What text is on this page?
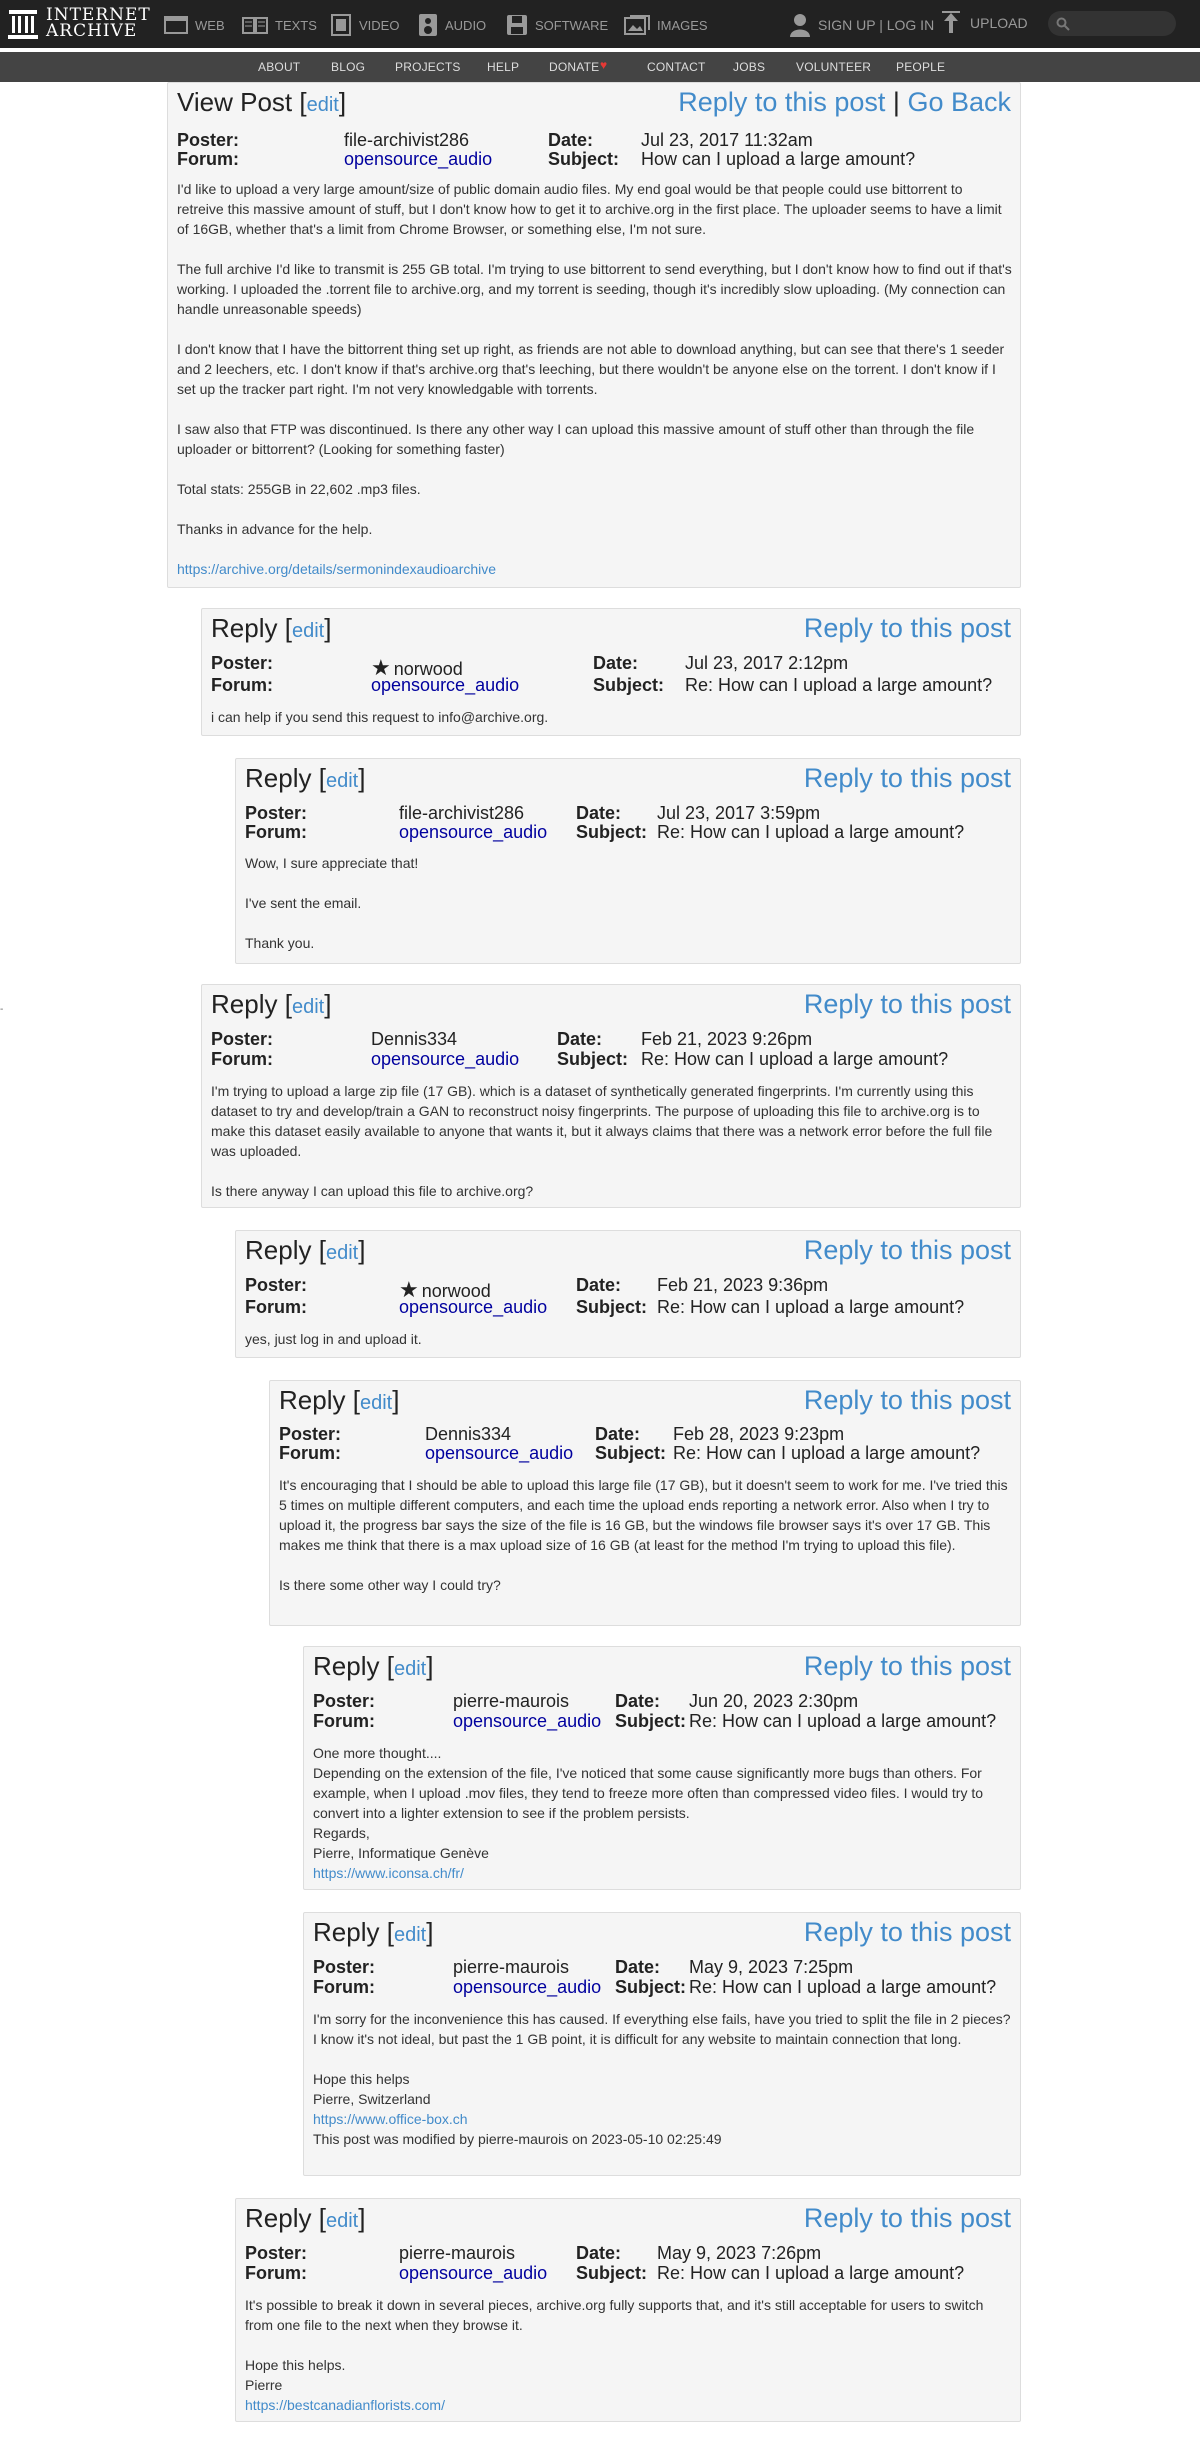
INTERNET
ARCHIVE	WEB	TEXTS	VIDEO	AUDIO	SOFTWARE	IMAGES	SIGN UP | LOG IN	UPLOAD
ABOUT	BLOG PROJECTS HELP DONATE ♥	CONTACT JOBS	VOLUNTEER PEOPLE
-
View Post [edit]	Reply to this post | Go Back
Poster:	file-archivist286	Date:	Jul 23, 2017 11:32am
Forum:	opensource_audio	Subject: How can I upload a large amount?

I'd like to upload a very large amount/size of public domain audio files. My end goal would be that people could use bittorrent to retreive this massive amount of stuff, but I don't know how to get it to archive.org in the first place. The uploader seems to have a limit of 16GB, whether that's a limit from Chrome Browser, or something else, I'm not sure.

The full archive I'd like to transmit is 255 GB total. I'm trying to use bittorrent to send everything, but I don't know how to find out if that's working. I uploaded the .torrent file to archive.org, and my torrent is seeding, though it's incredibly slow uploading. (My connection can handle unreasonable speeds)

I don't know that I have the bittorrent thing set up right, as friends are not able to download anything, but can see that there's 1 seeder and 2 leechers, etc. I don't know if that's archive.org that's leeching, but there wouldn't be anyone else on the torrent. I don't know if I set up the tracker part right. I'm not very knowledgable with torrents.

I saw also that FTP was discontinued. Is there any other way I can upload this massive amount of stuff other than through the file uploader or bittorrent? (Looking for something faster)

Total stats: 255GB in 22,602 .mp3 files.

Thanks in advance for the help.

https://archive.org/details/sermonindexaudioarchive

Reply [edit]	Reply to this post
Poster:	★ norwood	Date:	Jul 23, 2017 2:12pm
Forum:	opensource_audio	Subject: Re: How can I upload a large amount?

i can help if you send this request to info@archive.org.

Reply [edit]	Reply to this post
Poster:	file-archivist286	Date: Jul 23, 2017 3:59pm
Forum:	opensource_audio Subject: Re: How can I upload a large amount?

Wow, I sure appreciate that!

I've sent the email.

Thank you.

Reply [edit]	Reply to this post
Poster:	Dennis334	Date: Feb 21, 2023 9:26pm
Forum:	opensource_audio Subject: Re: How can I upload a large amount?

I'm trying to upload a large zip file (17 GB). which is a dataset of synthetically generated fingerprints. I'm currently using this dataset to try and develop/train a GAN to reconstruct noisy fingerprints. The purpose of uploading this file to archive.org is to make this dataset easily available to anyone that wants it, but it always claims that there was a network error before the full file was uploaded.

Is there anyway I can upload this file to archive.org?

Reply [edit]	Reply to this post
Poster:	★ norwood	Date: Feb 21, 2023 9:36pm
Forum:	opensource_audio Subject: Re: How can I upload a large amount?

yes, just log in and upload it.

Reply [edit]	Reply to this post
Poster:	Dennis334	Date: Feb 28, 2023 9:23pm
Forum:	opensource_audio Subject: Re: How can I upload a large amount?

It's encouraging that I should be able to upload this large file (17 GB), but it doesn't seem to work for me. I've tried this 5 times on multiple different computers, and each time the upload ends reporting a network error. Also when I try to upload it, the progress bar says the size of the file is 16 GB, but the windows file browser says it's over 17 GB. This makes me think that there is a max upload size of 16 GB (at least for the method I'm trying to upload this file).

Is there some other way I could try?

Reply [edit]	Reply to this post
Poster:	pierre-maurois	Date: Jun 20, 2023 2:30pm
Forum:	opensource_audio Subject: Re: How can I upload a large amount?

One more thought....

Depending on the extension of the file, I've noticed that some cause significantly more bugs than others. For example, when I upload .mov files, they tend to freeze more often than compressed video files. I would try to convert into a lighter extension to see if the problem persists.

Regards,

Pierre, Informatique Genève

https://www.iconsa.ch/fr/

Reply [edit]	Reply to this post
Poster:	pierre-maurois	Date: May 9, 2023 7:25pm
Forum:	opensource_audio Subject: Re: How can I upload a large amount?

I'm sorry for the inconvenience this has caused. If everything else fails, have you tried to split the file in 2 pieces? I know it's not ideal, but past the 1 GB point, it is difficult for any website to maintain connection that long.

Hope this helps

Pierre, Switzerland

https://www.office-box.ch

This post was modified by pierre-maurois on 2023-05-10 02:25:49

Reply [edit]	Reply to this post
Poster:	pierre-maurois	Date: May 9, 2023 7:26pm
Forum:	opensource_audio Subject: Re: How can I upload a large amount?

It's possible to break it down in several pieces, archive.org fully supports that, and it's still acceptable for users to switch from one file to the next when they browse it.

Hope this helps.

Pierre

https://bestcanadianflorists.com/
